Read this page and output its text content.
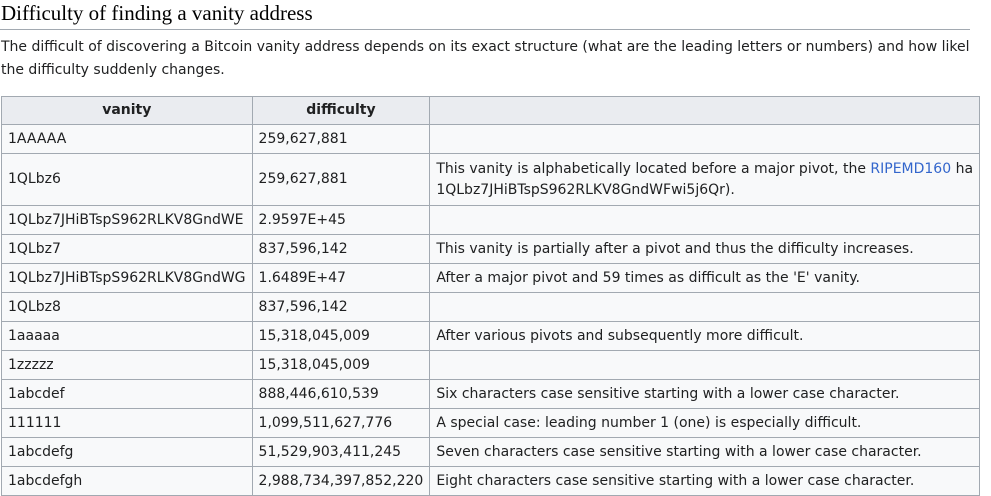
Difficulty of finding a vanity address

The difficult of discovering a Bitcoin vanity address depends on its exact structure (what are the leading letters or numbers) and how likel
the difficulty suddenly changes.

vanity	difficulty	
1AAAAA	259,627,881	
1QLbz6	259,627,881	This vanity is alphabetically located before a major pivot, the RIPEMD160 ha
1QLbz7JHiBTspS962RLKV8GndWFwi5j6Qr).

1QLbz7JHiBTspS962RLKV8GndWE	2.9597E+45	
1QLbz7	837,596,142	This vanity is partially after a pivot and thus the difficulty increases.
1QLbz7JHiBTspS962RLKV8GndWG	1.6489E+47	After a major pivot and 59 times as difficult as the 'E' vanity.
1QLbz8	837,596,142	
1aaaaa	15,318,045,009	After various pivots and subsequently more difficult.
1zzzzz	15,318,045,009	
1abcdef	888,446,610,539	Six characters case sensitive starting with a lower case character.
111111	1,099,511,627,776	A special case: leading number 1 (one) is especially difficult.
1abcdefg	51,529,903,411,245	Seven characters case sensitive starting with a lower case character.
1abcdefgh	2,988,734,397,852,220	Eight characters case sensitive starting with a lower case character.
